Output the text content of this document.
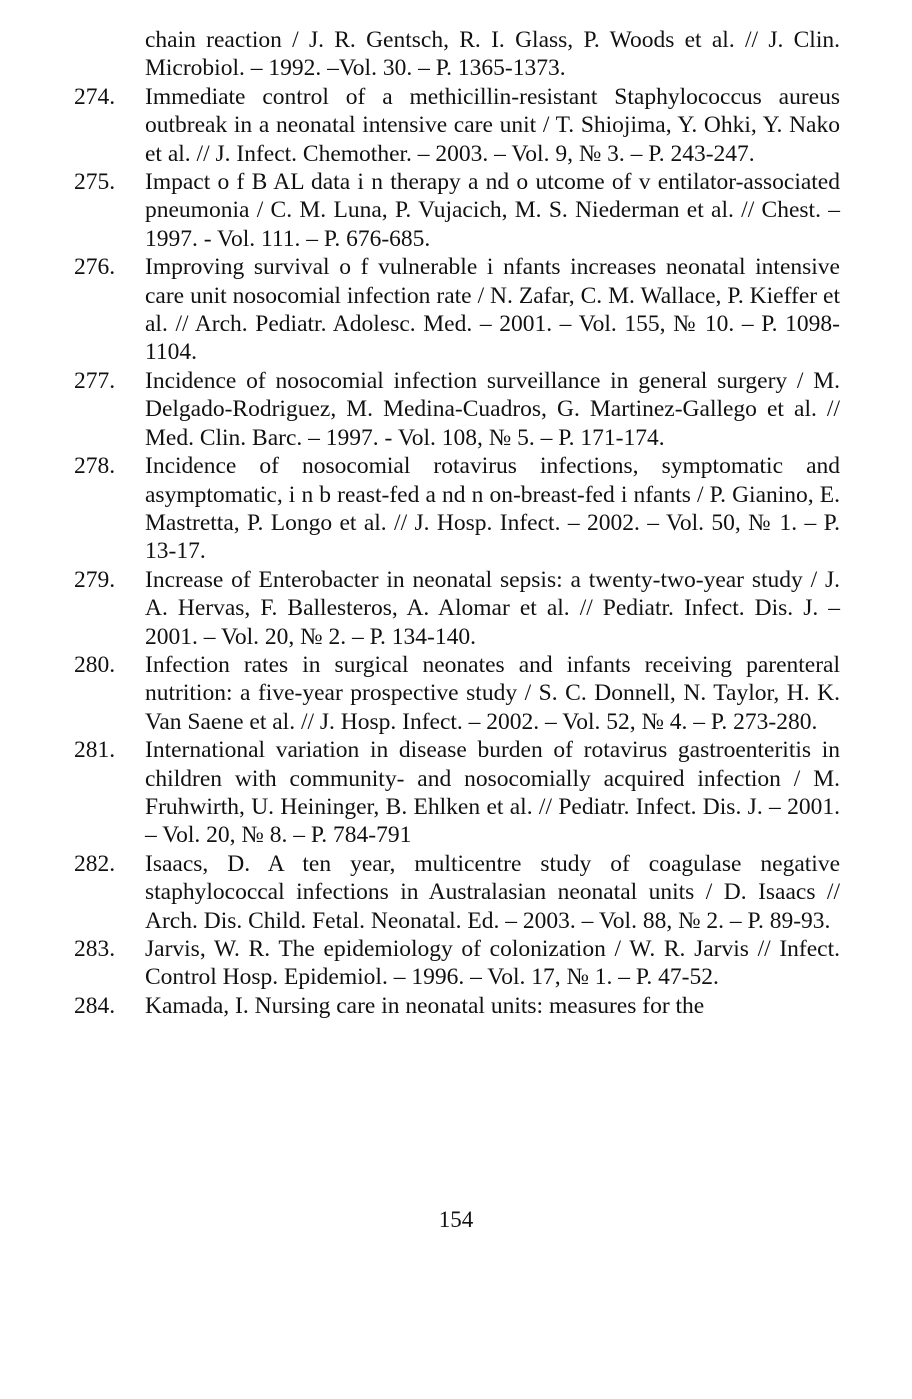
chain reaction / J. R. Gentsch, R. I. Glass, P. Woods et al. // J. Clin. Microbiol. – 1992. –Vol. 30. – P. 1365-1373.
274.	Immediate control of a methicillin-resistant Staphylococcus aureus outbreak in a neonatal intensive care unit / T. Shiojima, Y. Ohki, Y. Nako et al. // J. Infect. Chemother. – 2003. – Vol. 9, № 3. – P. 243-247.
275.	Impact o f B AL data i n therapy a nd o utcome of v entilator-associated pneumonia / C. M. Luna, P. Vujacich, M. S. Niederman et al. // Chest. – 1997. - Vol. 111. – P. 676-685.
276.	Improving survival o f vulnerable i nfants increases neonatal intensive care unit nosocomial infection rate / N. Zafar, C. M. Wallace, P. Kieffer et al. // Arch. Pediatr. Adolesc. Med. – 2001. – Vol. 155, № 10. – P. 1098-1104.
277.	Incidence of nosocomial infection surveillance in general surgery / M. Delgado-Rodriguez, M. Medina-Cuadros, G. Martinez-Gallego et al. // Med. Clin. Barc. – 1997. - Vol. 108, № 5. – P. 171-174.
278.	Incidence of nosocomial rotavirus infections, symptomatic and asymptomatic, i n b reast-fed a nd n on-breast-fed i nfants / P. Gianino, E. Mastretta, P. Longo et al. // J. Hosp. Infect. – 2002. – Vol. 50, № 1. – P. 13-17.
279.	Increase of Enterobacter in neonatal sepsis: a twenty-two-year study / J. A. Hervas, F. Ballesteros, A. Alomar et al. // Pediatr. Infect. Dis. J. – 2001. – Vol. 20, № 2. – P. 134-140.
280.	Infection rates in surgical neonates and infants receiving parenteral nutrition: a five-year prospective study / S. C. Donnell, N. Taylor, H. K. Van Saene et al. // J. Hosp. Infect. – 2002. – Vol. 52, № 4. – P. 273-280.
281.	International variation in disease burden of rotavirus gastroenteritis in children with community- and nosocomially acquired infection / M. Fruhwirth, U. Heininger, B. Ehlken et al. // Pediatr. Infect. Dis. J. – 2001. – Vol. 20, № 8. – P. 784-791
282.	Isaacs, D. A ten year, multicentre study of coagulase negative staphylococcal infections in Australasian neonatal units / D. Isaacs // Arch. Dis. Child. Fetal. Neonatal. Ed. – 2003. – Vol. 88, № 2. – P. 89-93.
283.	Jarvis, W. R. The epidemiology of colonization / W. R. Jarvis // Infect. Control Hosp. Epidemiol. – 1996. – Vol. 17, № 1. – P. 47-52.
284.	Kamada, I. Nursing care in neonatal units: measures for the
154
